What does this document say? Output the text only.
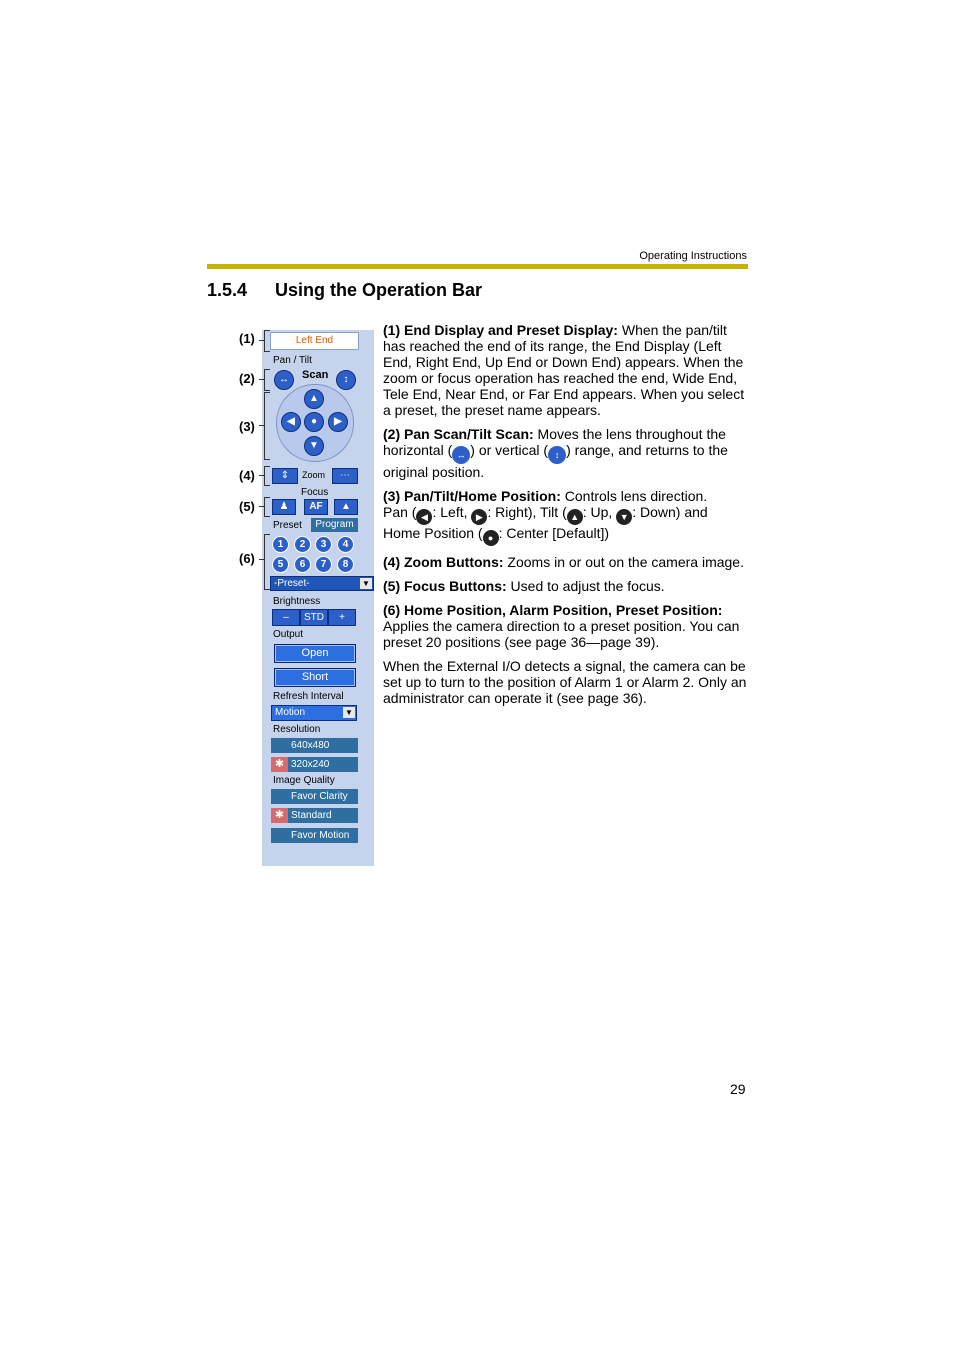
Operating Instructions
1.5.4 Using the Operation Bar
(1)
(2)
(3)
(4)
(5)
(6)
Left End
Pan / Tilt
↔	Scan	↕
▲
◀	●	▶
▼
⇕	Zoom	⋯
Focus
♟	AF	▲
Preset	Program
1	2	3	4
5	6	7	8
-Preset-	▼
Brightness
–	STD	+
Output
Open
Short
Refresh Interval
Motion	▼
Resolution
640x480
✱ 320x240
Image Quality
Favor Clarity
✱ Standard
Favor Motion

(1) End Display and Preset Display: When the pan/tilt has reached the end of its range, the End Display (Left End, Right End, Up End or Down End) appears. When the zoom or focus operation has reached the end, Wide End, Tele End, Near End, or Far End appears. When you select a preset, the preset name appears.

(2) Pan Scan/Tilt Scan: Moves the lens throughout the horizontal ( ↔ ) or vertical ( ↕ ) range, and returns to the original position.

(3) Pan/Tilt/Home Position: Controls lens direction.
Pan ( ◀ : Left, ▶ : Right), Tilt ( ▲ : Up, ▼ : Down) and
Home Position ( ● : Center [Default])

(4) Zoom Buttons: Zooms in or out on the camera image.

(5) Focus Buttons: Used to adjust the focus.

(6) Home Position, Alarm Position, Preset Position:
Applies the camera direction to a preset position. You can preset 20 positions (see page 36—page 39).

When the External I/O detects a signal, the camera can be set up to turn to the position of Alarm 1 or Alarm 2. Only an administrator can operate it (see page 36).

29
